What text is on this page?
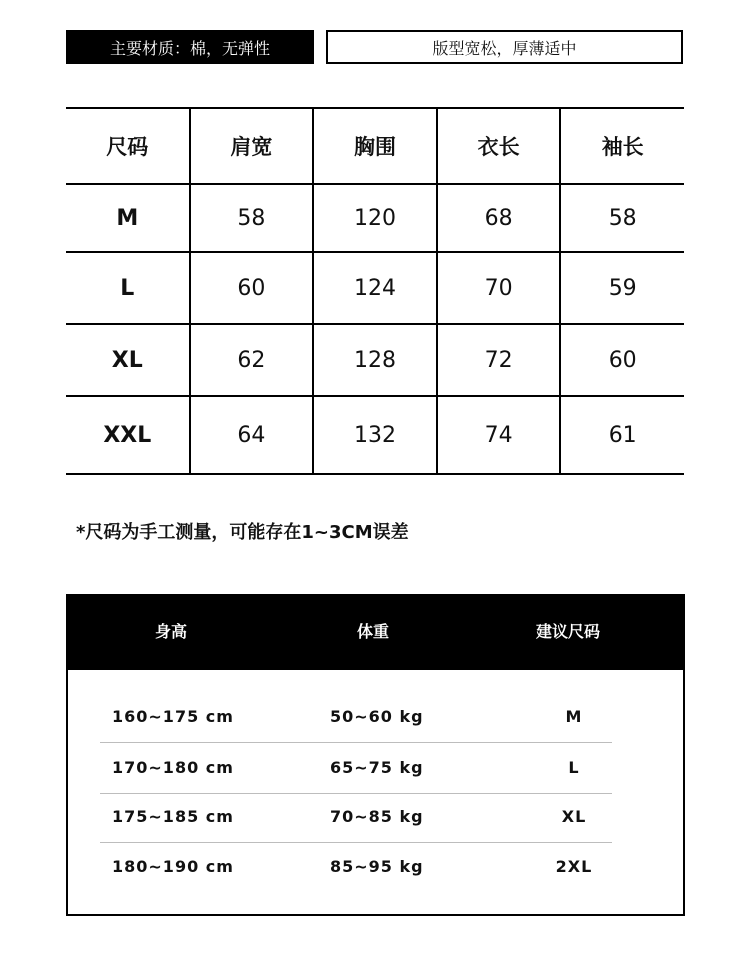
主要材质：棉，无弹性	版型宽松，厚薄适中
尺码	肩宽	胸围	衣长	袖长
M	58	120	68	58
L	60	124	70	59
XL	62	128	72	60
XXL	64	132	74	61
*尺码为手工测量，可能存在1~3CM误差
身高	体重	建议尺码
160~175 cm	50~60 kg	M
170~180 cm	65~75 kg	L
175~185 cm	70~85 kg	XL
180~190 cm	85~95 kg	2XL
